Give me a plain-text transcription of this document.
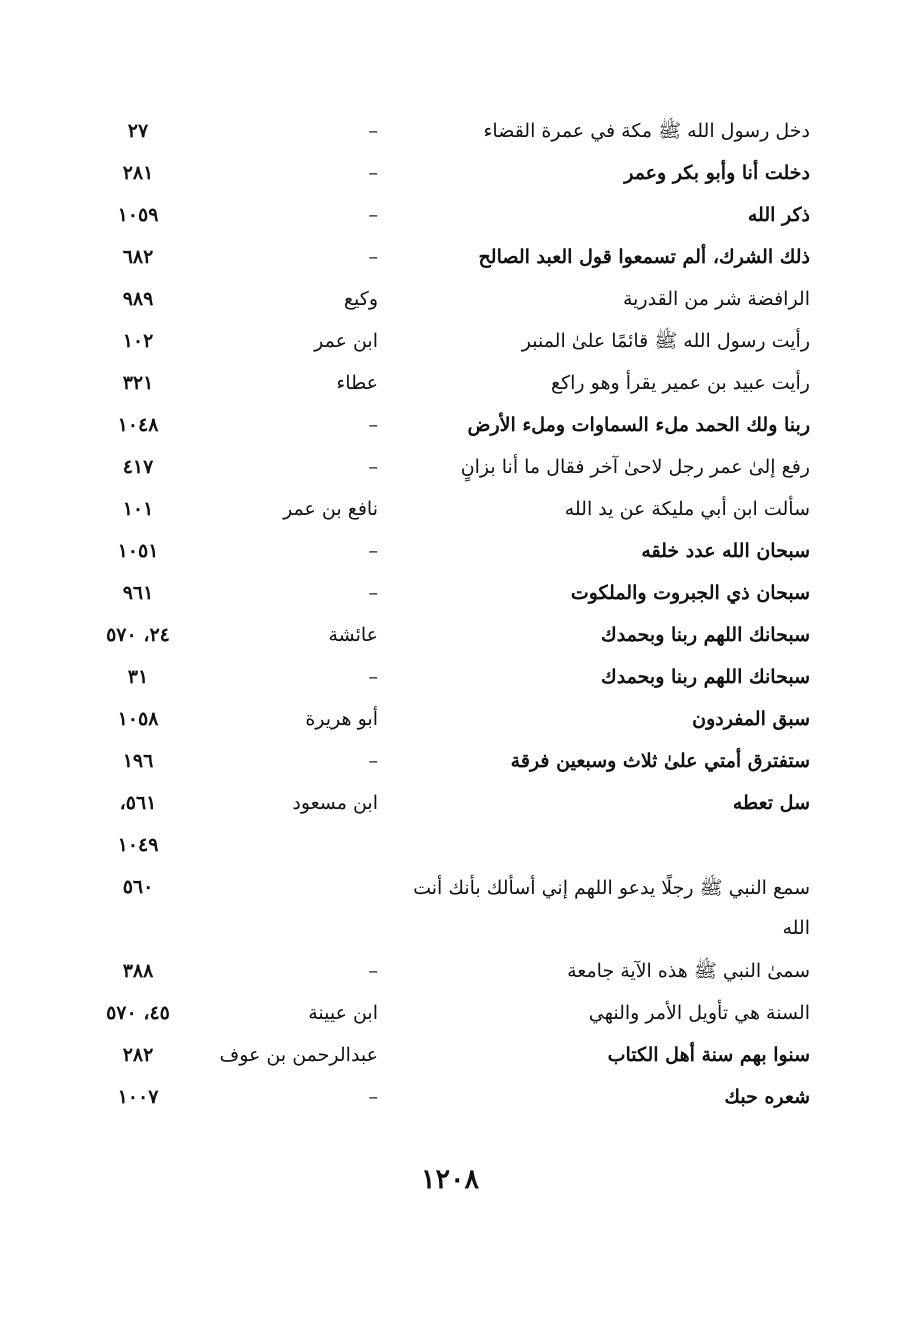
دخل رسول الله ﷺ مكة في عمرة القضاء
–
٢٧
دخلت أنا وأبو بكر وعمر
–
٢٨١
ذكر الله
–
١٠٥٩
ذلك الشرك، ألم تسمعوا قول العبد الصالح
–
٦٨٢
الرافضة شر من القدرية
وكيع
٩٨٩
رأيت رسول الله ﷺ قائمًا علىٰ المنبر
ابن عمر
١٠٢
رأيت عبيد بن عمير يقرأ وهو راكع
عطاء
٣٢١
ربنا ولك الحمد ملء السماوات وملء الأرض
–
١٠٤٨
رفع إلىٰ عمر رجل لاحىٰ آخر فقال ما أنا بزانٍ
–
٤١٧
سألت ابن أبي مليكة عن يد الله
نافع بن عمر
١٠١
سبحان الله عدد خلقه
–
١٠٥١
سبحان ذي الجبروت والملكوت
–
٩٦١
سبحانك اللهم ربنا وبحمدك
عائشة
٢٤، ٥٧٠
سبحانك اللهم ربنا وبحمدك
–
٣١
سبق المفردون
أبو هريرة
١٠٥٨
ستفترق أمتي علىٰ ثلاث وسبعين فرقة
–
١٩٦
سل تعطه
ابن مسعود
٥٦١،
١٠٤٩
سمع النبي ﷺ رجلًا يدعو اللهم إني أسألك بأنك أنت الله
٥٦٠
سمیٰ النبي ﷺ هذه الآية جامعة
–
٣٨٨
السنة هي تأويل الأمر والنهي
ابن عيينة
٤٥، ٥٧٠
سنوا بهم سنة أهل الكتاب
عبدالرحمن بن عوف
٢٨٢
شعره حبك
–
١٠٠٧
١٢٠٨
